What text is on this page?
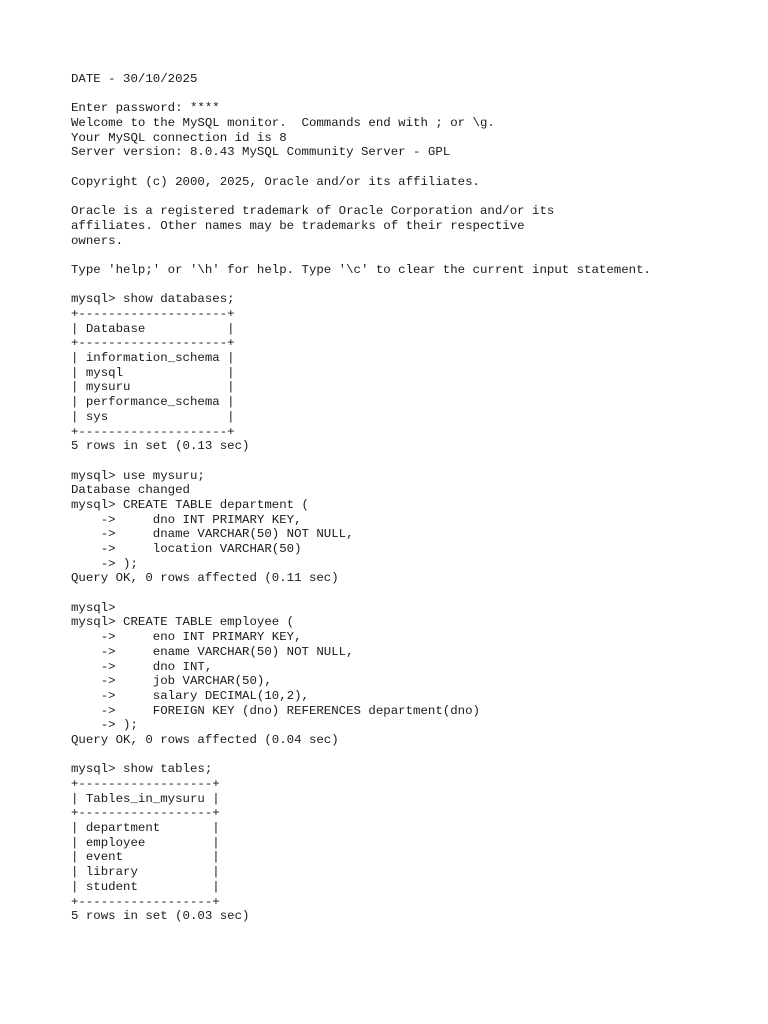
DATE - 30/10/2025
Enter password: ****
Welcome to the MySQL monitor.  Commands end with ; or \g.
Your MySQL connection id is 8
Server version: 8.0.43 MySQL Community Server - GPL
Copyright (c) 2000, 2025, Oracle and/or its affiliates.
Oracle is a registered trademark of Oracle Corporation and/or its
affiliates. Other names may be trademarks of their respective
owners.
Type 'help;' or '\h' for help. Type '\c' to clear the current input statement.
mysql> show databases;
+--------------------+
| Database           |
+--------------------+
| information_schema |
| mysql              |
| mysuru             |
| performance_schema |
| sys                |
+--------------------+
5 rows in set (0.13 sec)
mysql> use mysuru;
Database changed
mysql> CREATE TABLE department (
->     dno INT PRIMARY KEY,
->     dname VARCHAR(50) NOT NULL,
->     location VARCHAR(50)
-> );
Query OK, 0 rows affected (0.11 sec)
mysql>
mysql> CREATE TABLE employee (
->     eno INT PRIMARY KEY,
->     ename VARCHAR(50) NOT NULL,
->     dno INT,
->     job VARCHAR(50),
->     salary DECIMAL(10,2),
->     FOREIGN KEY (dno) REFERENCES department(dno)
-> );
Query OK, 0 rows affected (0.04 sec)
mysql> show tables;
+------------------+
| Tables_in_mysuru |
+------------------+
| department       |
| employee         |
| event            |
| library          |
| student          |
+------------------+
5 rows in set (0.03 sec)
